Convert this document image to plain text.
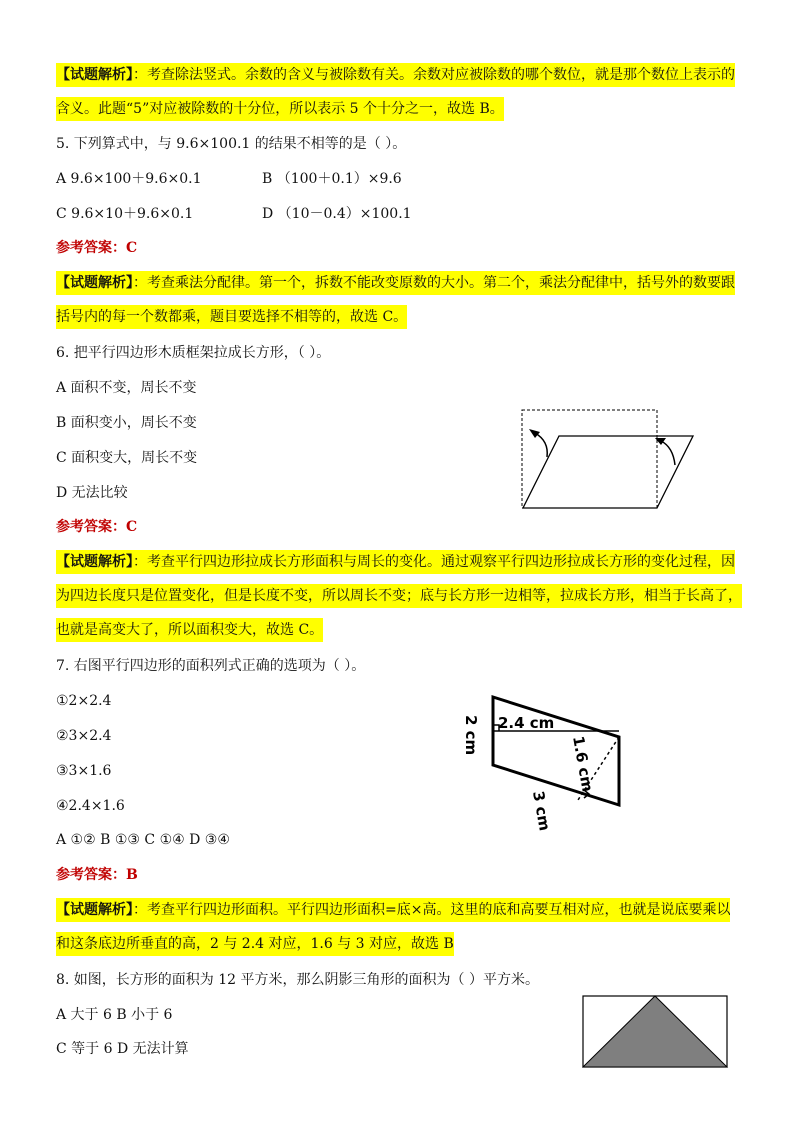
【试题解析】：考查除法竖式。余数的含义与被除数有关。余数对应被除数的哪个数位，就是那个数位上表示的含义。此题“5”对应被除数的十分位，所以表示 5 个十分之一，故选 B。
5. 下列算式中，与 9.6×100.1 的结果不相等的是（ ）。
A 9.6×100＋9.6×0.1	B （100＋0.1）×9.6
C 9.6×10＋9.6×0.1	D （10－0.4）×100.1
参考答案：C
【试题解析】：考查乘法分配律。第一个，拆数不能改变原数的大小。第二个，乘法分配律中，括号外的数要跟括号内的每一个数都乘，题目要选择不相等的，故选 C。
6. 把平行四边形木质框架拉成长方形，（ ）。
A 面积不变，周长不变
B 面积变小，周长不变
C 面积变大，周长不变
D 无法比较
参考答案：C
【试题解析】：考查平行四边形拉成长方形面积与周长的变化。通过观察平行四边形拉成长方形的变化过程，因为四边长度只是位置变化，但是长度不变，所以周长不变；底与长方形一边相等，拉成长方形，相当于长高了，也就是高变大了，所以面积变大，故选 C。
7. 右图平行四边形的面积列式正确的选项为（ ）。
①2×2.4
②3×2.4
③3×1.6
④2.4×1.6
A ①② B ①③ C ①④ D ③④
2 cm 2.4 cm
1.6 cm
3 cm
参考答案：B
【试题解析】：考查平行四边形面积。平行四边形面积=底×高。这里的底和高要互相对应，也就是说底要乘以和这条底边所垂直的高，2 与 2.4 对应，1.6 与 3 对应，故选 B
8. 如图，长方形的面积为 12 平方米，那么阴影三角形的面积为（ ）平方米。
A 大于 6 B 小于 6
C 等于 6 D 无法计算
